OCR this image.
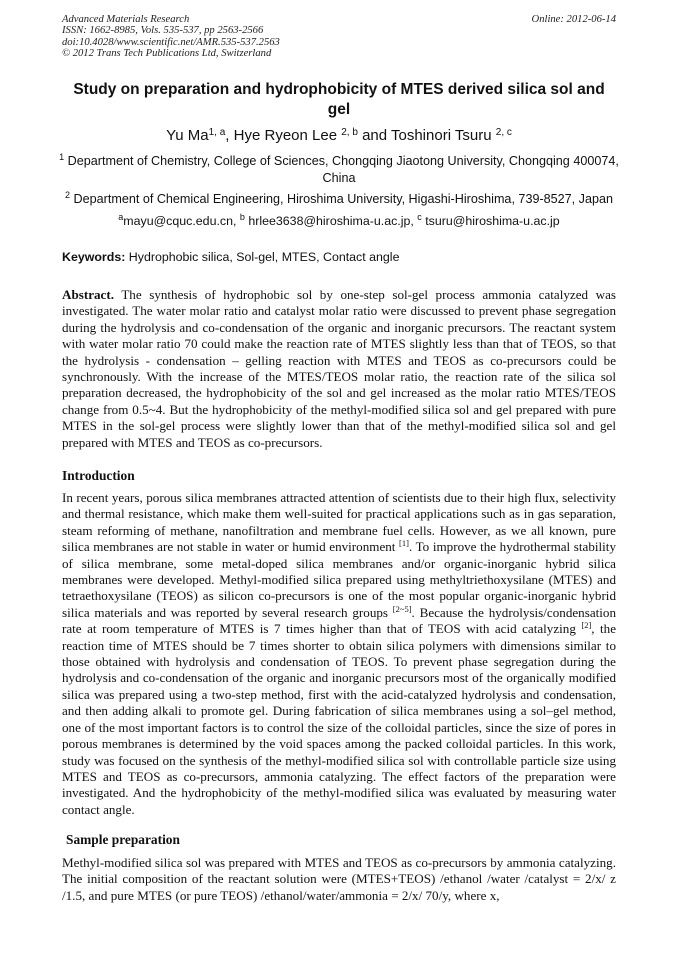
Advanced Materials Research
ISSN: 1662-8985, Vols. 535-537, pp 2563-2566
doi:10.4028/www.scientific.net/AMR.535-537.2563
© 2012 Trans Tech Publications Ltd, Switzerland
Online: 2012-06-14
Study on preparation and hydrophobicity of MTES derived silica sol and gel
Yu Ma$^{1, a}$, Hye Ryeon Lee $^{2, b}$ and Toshinori Tsuru $^{2, c}$
$^1$ Department of Chemistry, College of Sciences, Chongqing Jiaotong University, Chongqing 400074, China
$^2$ Department of Chemical Engineering, Hiroshima University, Higashi-Hiroshima, 739-8527, Japan
$^a$mayu@cquc.edu.cn, $^b$ hrlee3638@hiroshima-u.ac.jp, $^c$ tsuru@hiroshima-u.ac.jp
Keywords: Hydrophobic silica, Sol-gel, MTES, Contact angle
Abstract. The synthesis of hydrophobic sol by one-step sol-gel process ammonia catalyzed was investigated. The water molar ratio and catalyst molar ratio were discussed to prevent phase segregation during the hydrolysis and co-condensation of the organic and inorganic precursors. The reactant system with water molar ratio 70 could make the reaction rate of MTES slightly less than that of TEOS, so that the hydrolysis - condensation – gelling reaction with MTES and TEOS as co-precursors could be synchronously. With the increase of the MTES/TEOS molar ratio, the reaction rate of the silica sol preparation decreased, the hydrophobicity of the sol and gel increased as the molar ratio MTES/TEOS change from 0.5~4. But the hydrophobicity of the methyl-modified silica sol and gel prepared with pure MTES in the sol-gel process were slightly lower than that of the methyl-modified silica sol and gel prepared with MTES and TEOS as co-precursors.
Introduction
In recent years, porous silica membranes attracted attention of scientists due to their high flux, selectivity and thermal resistance, which make them well-suited for practical applications such as in gas separation, steam reforming of methane, nanofiltration and membrane fuel cells. However, as we all known, pure silica membranes are not stable in water or humid environment [1]. To improve the hydrothermal stability of silica membrane, some metal-doped silica membranes and/or organic-inorganic hybrid silica membranes were developed. Methyl-modified silica prepared using methyltriethoxysilane (MTES) and tetraethoxysilane (TEOS) as silicon co-precursors is one of the most popular organic-inorganic hybrid silica materials and was reported by several research groups [2~5]. Because the hydrolysis/condensation rate at room temperature of MTES is 7 times higher than that of TEOS with acid catalyzing [2], the reaction time of MTES should be 7 times shorter to obtain silica polymers with dimensions similar to those obtained with hydrolysis and condensation of TEOS. To prevent phase segregation during the hydrolysis and co-condensation of the organic and inorganic precursors most of the organically modified silica was prepared using a two-step method, first with the acid-catalyzed hydrolysis and condensation, and then adding alkali to promote gel. During fabrication of silica membranes using a sol–gel method, one of the most important factors is to control the size of the colloidal particles, since the size of pores in porous membranes is determined by the void spaces among the packed colloidal particles. In this work, study was focused on the synthesis of the methyl-modified silica sol with controllable particle size using MTES and TEOS as co-precursors, ammonia catalyzing. The effect factors of the preparation were investigated. And the hydrophobicity of the methyl-modified silica was evaluated by measuring water contact angle.
Sample preparation
Methyl-modified silica sol was prepared with MTES and TEOS as co-precursors by ammonia catalyzing. The initial composition of the reactant solution were (MTES+TEOS) /ethanol /water /catalyst = 2/x/ z /1.5, and pure MTES (or pure TEOS) /ethanol/water/ammonia = 2/x/ 70/y, where x,
